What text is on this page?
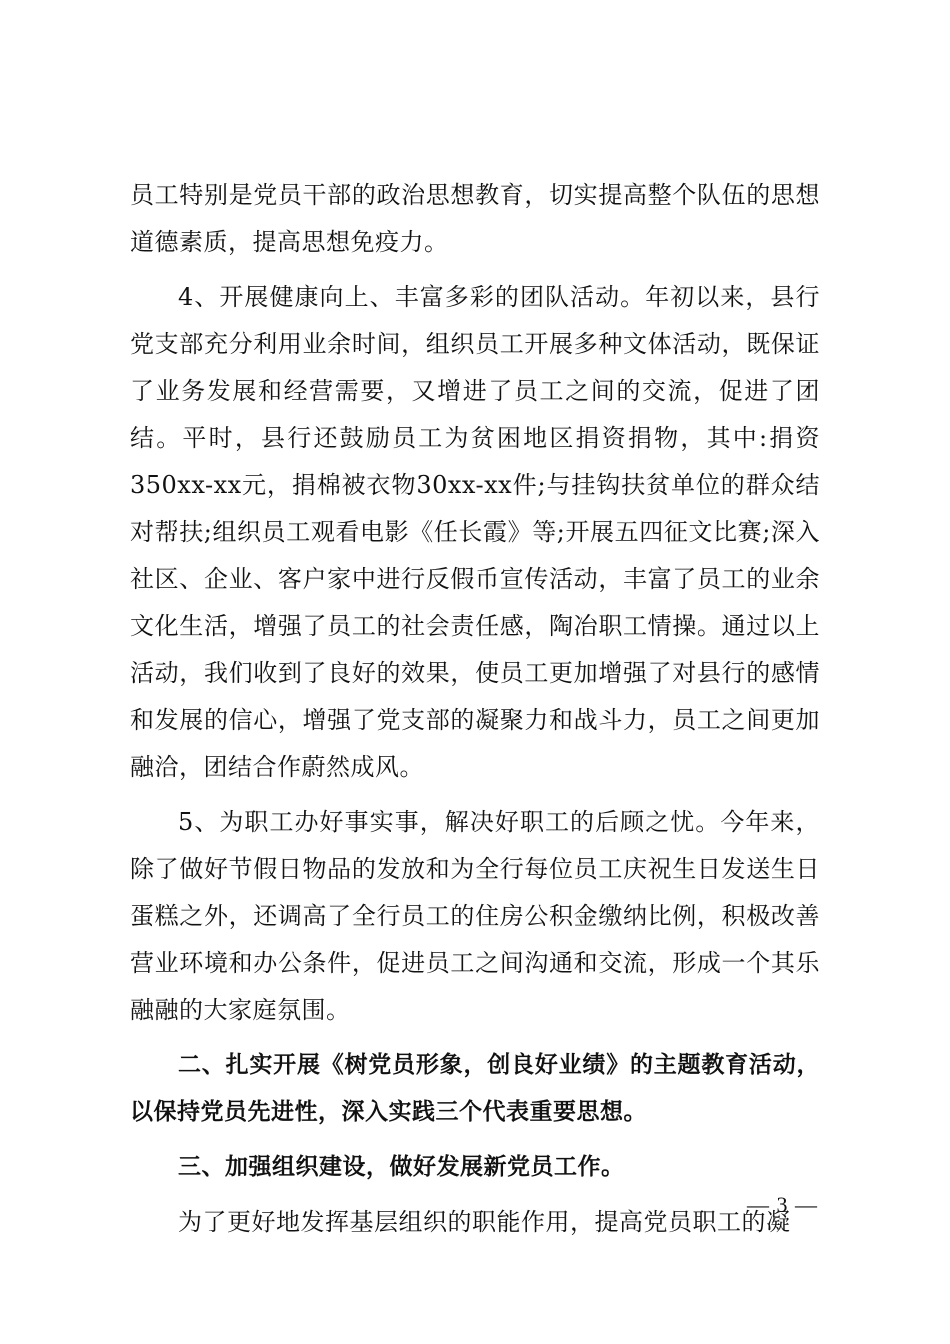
员工特别是党员干部的政治思想教育，切实提高整个队伍的思想道德素质，提高思想免疫力。

4、开展健康向上、丰富多彩的团队活动。年初以来，县行党支部充分利用业余时间，组织员工开展多种文体活动，既保证了业务发展和经营需要，又增进了员工之间的交流，促进了团结。平时，县行还鼓励员工为贫困地区捐资捐物，其中:捐资350xx-xx元，捐棉被衣物30xx-xx件;与挂钩扶贫单位的群众结对帮扶;组织员工观看电影《任长霞》等;开展五四征文比赛;深入社区、企业、客户家中进行反假币宣传活动，丰富了员工的业余文化生活，增强了员工的社会责任感，陶冶职工情操。通过以上活动，我们收到了良好的效果，使员工更加增强了对县行的感情和发展的信心，增强了党支部的凝聚力和战斗力，员工之间更加融洽，团结合作蔚然成风。

5、为职工办好事实事，解决好职工的后顾之忧。今年来，除了做好节假日物品的发放和为全行每位员工庆祝生日发送生日蛋糕之外，还调高了全行员工的住房公积金缴纳比例，积极改善营业环境和办公条件，促进员工之间沟通和交流，形成一个其乐融融的大家庭氛围。

二、扎实开展《树党员形象，创良好业绩》的主题教育活动，以保持党员先进性，深入实践三个代表重要思想。

三、加强组织建设，做好发展新党员工作。

为了更好地发挥基层组织的职能作用，提高党员职工的凝

— 3 —
